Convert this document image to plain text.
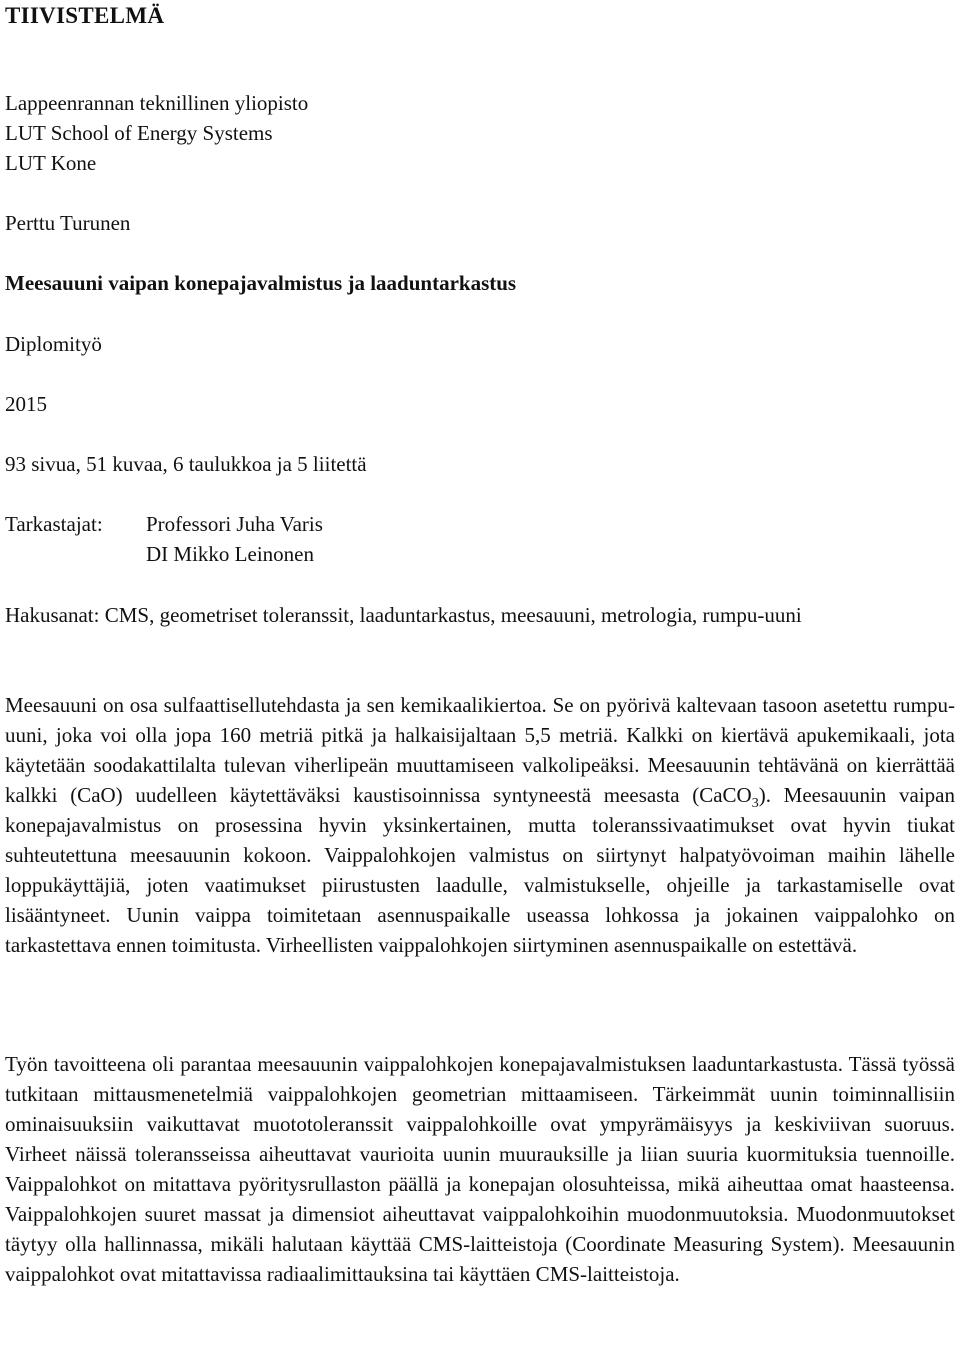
TIIVISTELMÄ
Lappeenrannan teknillinen yliopisto
LUT School of Energy Systems
LUT Kone
Perttu Turunen
Meesauuni vaipan konepajavalmistus ja laaduntarkastus
Diplomityö
2015
93 sivua, 51 kuvaa, 6 taulukkoa ja 5 liitettä
Tarkastajat: Professori Juha Varis
DI Mikko Leinonen
Hakusanat: CMS, geometriset toleranssit, laaduntarkastus, meesauuni, metrologia, rumpu-uuni
Meesauuni on osa sulfaattisellutehdasta ja sen kemikaalikiertoa. Se on pyörivä kaltevaan tasoon asetettu rumpu-uuni, joka voi olla jopa 160 metriä pitkä ja halkaisijaltaan 5,5 metriä. Kalkki on kiertävä apukemikaali, jota käytetään soodakattilalta tulevan viherlipeän muuttamiseen valkolipeäksi. Meesauunin tehtävänä on kierrättää kalkki (CaO) uudelleen käytettäväksi kaustisoinnissa syntyneestä meesasta (CaCO$_3$). Meesauunin vaipan konepajavalmistus on prosessina hyvin yksinkertainen, mutta toleranssivaatimukset ovat hyvin tiukat suhteutettuna meesauunin kokoon. Vaippalohkojen valmistus on siirtynyt halpatyövoiman maihin lähelle loppukäyttäjiä, joten vaatimukset piirustusten laadulle, valmistukselle, ohjeille ja tarkastamiselle ovat lisääntyneet. Uunin vaippa toimitetaan asennuspaikalle useassa lohkossa ja jokainen vaippalohko on tarkastettava ennen toimitusta. Virheellisten vaippalohkojen siirtyminen asennuspaikalle on estettävä.
Työn tavoitteena oli parantaa meesauunin vaippalohkojen konepajavalmistuksen laaduntarkastusta. Tässä työssä tutkitaan mittausmenetelmiä vaippalohkojen geometrian mittaamiseen. Tärkeimmät uunin toiminnallisiin ominaisuuksiin vaikuttavat muototoleranssit vaippalohkoille ovat ympyrämäisyys ja keskiviivan suoruus. Virheet näissä toleransseissa aiheuttavat vaurioita uunin muurauksille ja liian suuria kuormituksia tuennoille. Vaippalohkot on mitattava pyöritysrullaston päällä ja konepajan olosuhteissa, mikä aiheuttaa omat haasteensa. Vaippalohkojen suuret massat ja dimensiot aiheuttavat vaippalohkoihin muodonmuutoksia. Muodonmuutokset täytyy olla hallinnassa, mikäli halutaan käyttää CMS-laitteistoja (Coordinate Measuring System). Meesauunin vaippalohkot ovat mitattavissa radiaalimittauksina tai käyttäen CMS-laitteistoja.
